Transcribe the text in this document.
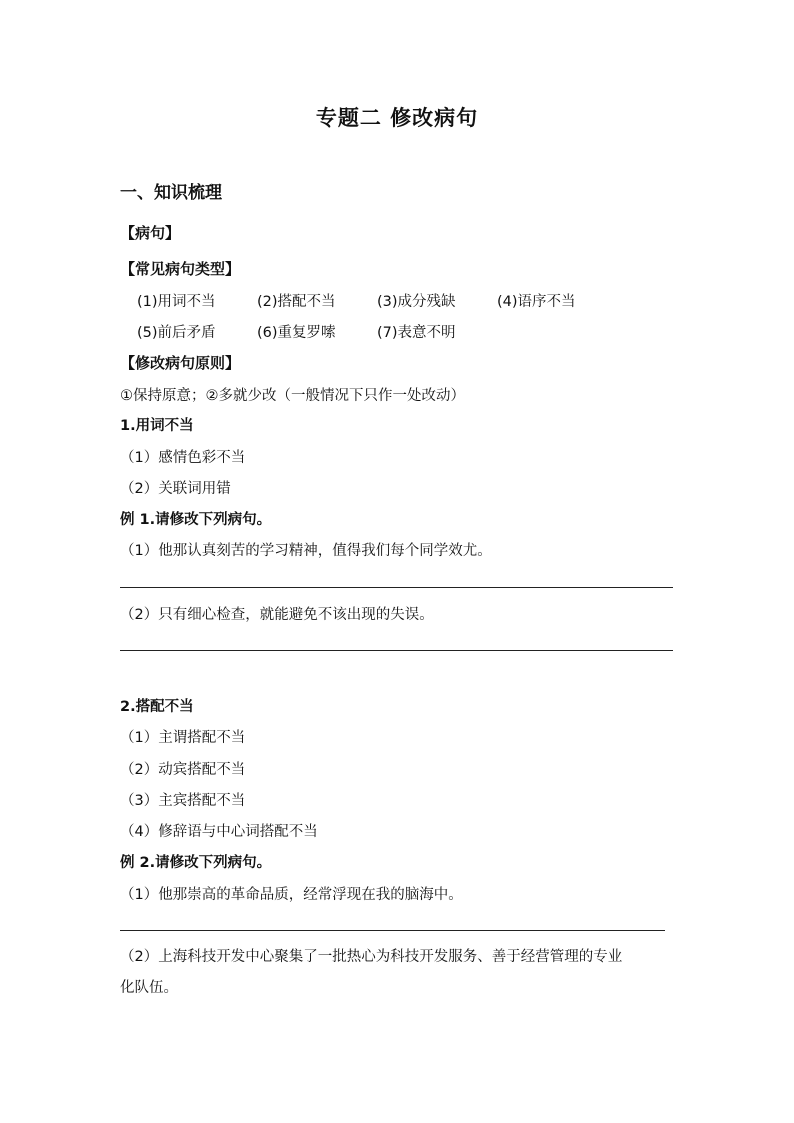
专题二 修改病句
一、知识梳理
【病句】
【常见病句类型】
(1)用词不当	(2)搭配不当	(3)成分残缺	(4)语序不当
(5)前后矛盾	(6)重复罗嗦	(7)表意不明
【修改病句原则】
①保持原意；②多就少改（一般情况下只作一处改动）
1.用词不当
（1）感情色彩不当
（2）关联词用错
例 1.请修改下列病句。
（1）他那认真刻苦的学习精神，值得我们每个同学效尤。
（2）只有细心检查，就能避免不该出现的失误。
2.搭配不当
（1）主谓搭配不当
（2）动宾搭配不当
（3）主宾搭配不当
（4）修辞语与中心词搭配不当
例 2.请修改下列病句。
（1）他那崇高的革命品质，经常浮现在我的脑海中。
（2）上海科技开发中心聚集了一批热心为科技开发服务、善于经营管理的专业
化队伍。
